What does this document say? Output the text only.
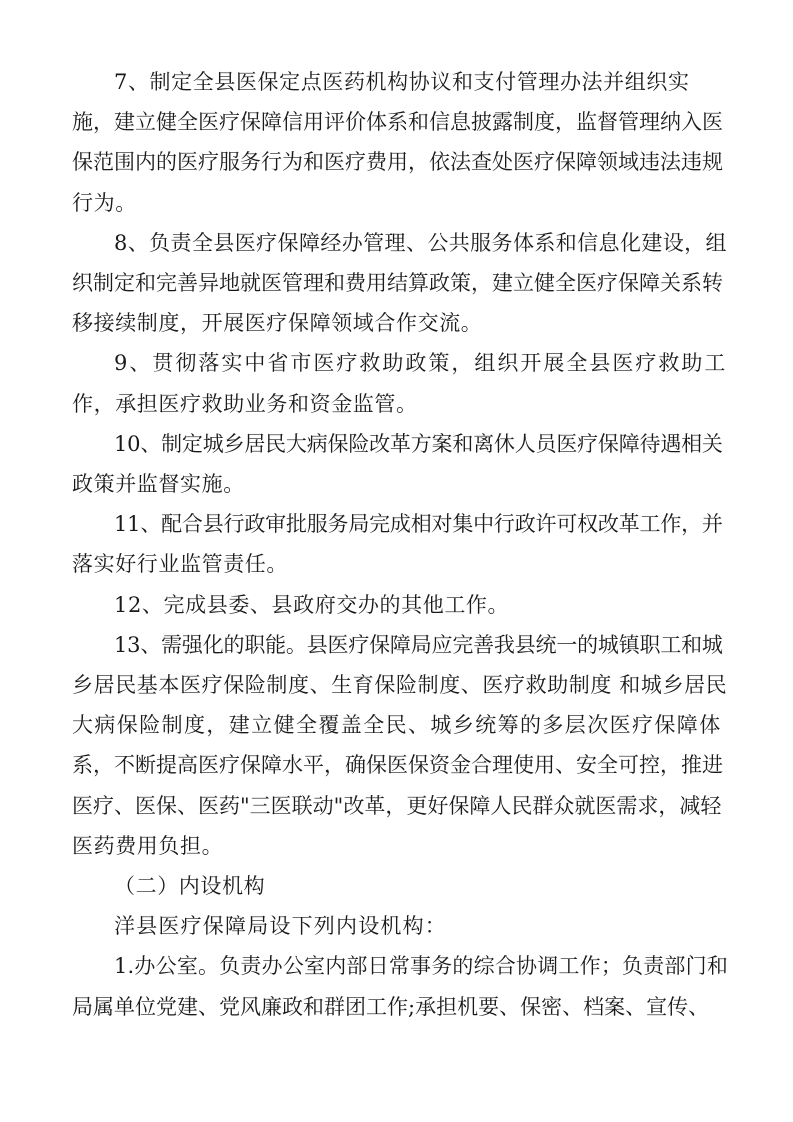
7、制定全县医保定点医药机构协议和支付管理办法并组织实
施，建立健全医疗保障信用评价体系和信息披露制度，监督管理纳入医
保范围内的医疗服务行为和医疗费用，依法查处医疗保障领域违法违规
行为。
8、负责全县医疗保障经办管理、公共服务体系和信息化建设，组
织制定和完善异地就医管理和费用结算政策，建立健全医疗保障关系转
移接续制度，开展医疗保障领域合作交流。
9、贯彻落实中省市医疗救助政策，组织开展全县医疗救助工
作，承担医疗救助业务和资金监管。
10、制定城乡居民大病保险改革方案和离休人员医疗保障待遇相关
政策并监督实施。
11、配合县行政审批服务局完成相对集中行政许可权改革工作，并
落实好行业监管责任。
12、完成县委、县政府交办的其他工作。
13、需强化的职能。县医疗保障局应完善我县统一的城镇职工和城
乡居民基本医疗保险制度、生育保险制度、医疗救助制度 和城乡居民
大病保险制度，建立健全覆盖全民、城乡统筹的多层次医疗保障体
系，不断提高医疗保障水平，确保医保资金合理使用、安全可控，推进
医疗、医保、医药"三医联动"改革，更好保障人民群众就医需求，减轻
医药费用负担。
（二）内设机构
洋县医疗保障局设下列内设机构：
1.办公室。负责办公室内部日常事务的综合协调工作；负责部门和
局属单位党建、党风廉政和群团工作;承担机要、保密、档案、宣传、
